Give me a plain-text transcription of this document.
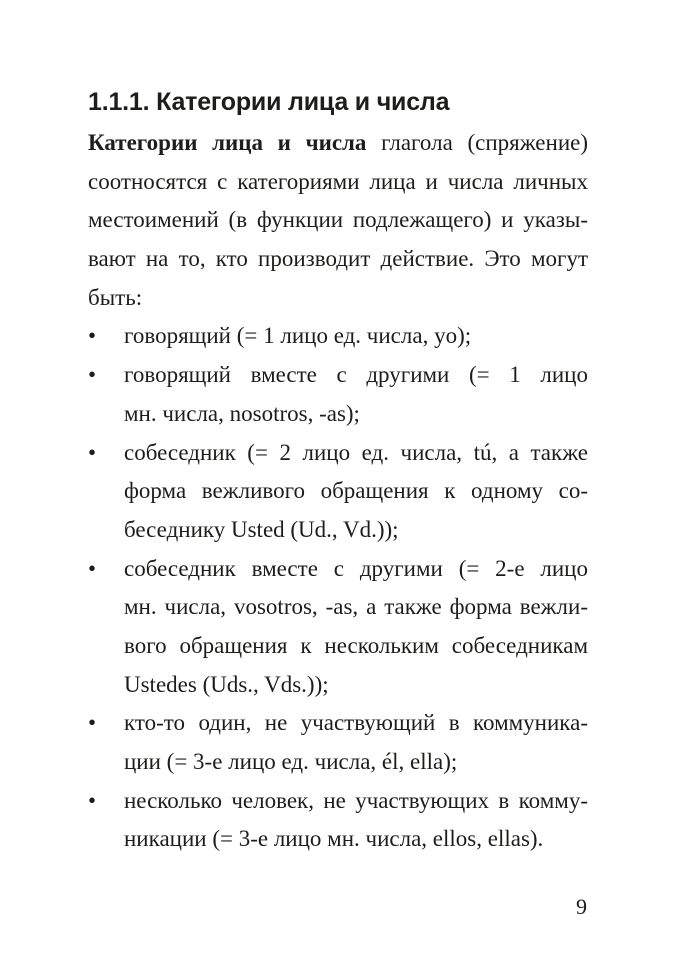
1.1.1. Категории лица и числа
Категории лица и числа глагола (спряжение)
соотносятся с категориями лица и числа личных
местоимений (в функции подлежащего) и указы-
вают на то, кто производит действие. Это могут
быть:
• говорящий (= 1 лицо ед. числа, yo);
• говорящий вместе с другими (= 1 лицо
мн. числа, nosotros, -as);
• собеседник (= 2 лицо ед. числа, tú, а также
форма вежливого обращения к одному со-
беседнику Usted (Ud., Vd.));
• собеседник вместе с другими (= 2-е лицо
мн. числа, vosotros, -as, а также форма вежли-
вого обращения к нескольким собеседникам
Ustedes (Uds., Vds.));
• кто-то один, не участвующий в коммуника-
ции (= 3-е лицо ед. числа, él, ella);
• несколько человек, не участвующих в комму-
никации (= 3-е лицо мн. числа, ellos, ellas).
9
